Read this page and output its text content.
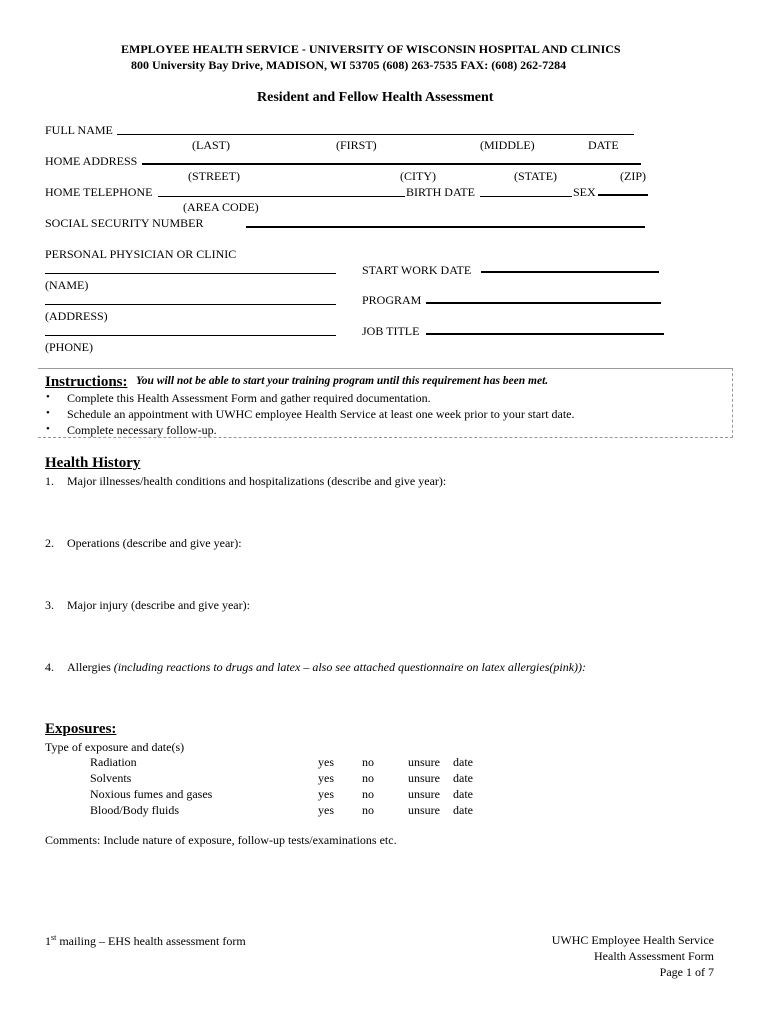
EMPLOYEE HEALTH SERVICE - UNIVERSITY OF WISCONSIN HOSPITAL AND CLINICS
800 University Bay Drive, MADISON, WI 53705 (608) 263-7535 FAX: (608) 262-7284
Resident and Fellow Health Assessment
FULL NAME
(LAST)	(FIRST)	(MIDDLE)	DATE
HOME ADDRESS
(STREET)	(CITY)	(STATE)	(ZIP)
HOME TELEPHONE	BIRTH DATE	SEX
(AREA CODE)
SOCIAL SECURITY NUMBER
PERSONAL PHYSICIAN OR CLINIC
(NAME)
(ADDRESS)
(PHONE)
START WORK DATE
PROGRAM
JOB TITLE
Instructions: You will not be able to start your training program until this requirement has been met.
• Complete this Health Assessment Form and gather required documentation.
• Schedule an appointment with UWHC employee Health Service at least one week prior to your start date.
• Complete necessary follow-up.
Health History
1. Major illnesses/health conditions and hospitalizations (describe and give year):
2. Operations (describe and give year):
3. Major injury (describe and give year):
4. Allergies (including reactions to drugs and latex – also see attached questionnaire on latex allergies(pink)):
Exposures:
Type of exposure and date(s)
Radiation	yes no	unsure date
Solvents	yes no	unsure date
Noxious fumes and gases	yes no	unsure date
Blood/Body fluids	yes no	unsure date
Comments: Include nature of exposure, follow-up tests/examinations etc.
1st mailing – EHS health assessment form	UWHC Employee Health Service
Health Assessment Form
Page 1 of 7
